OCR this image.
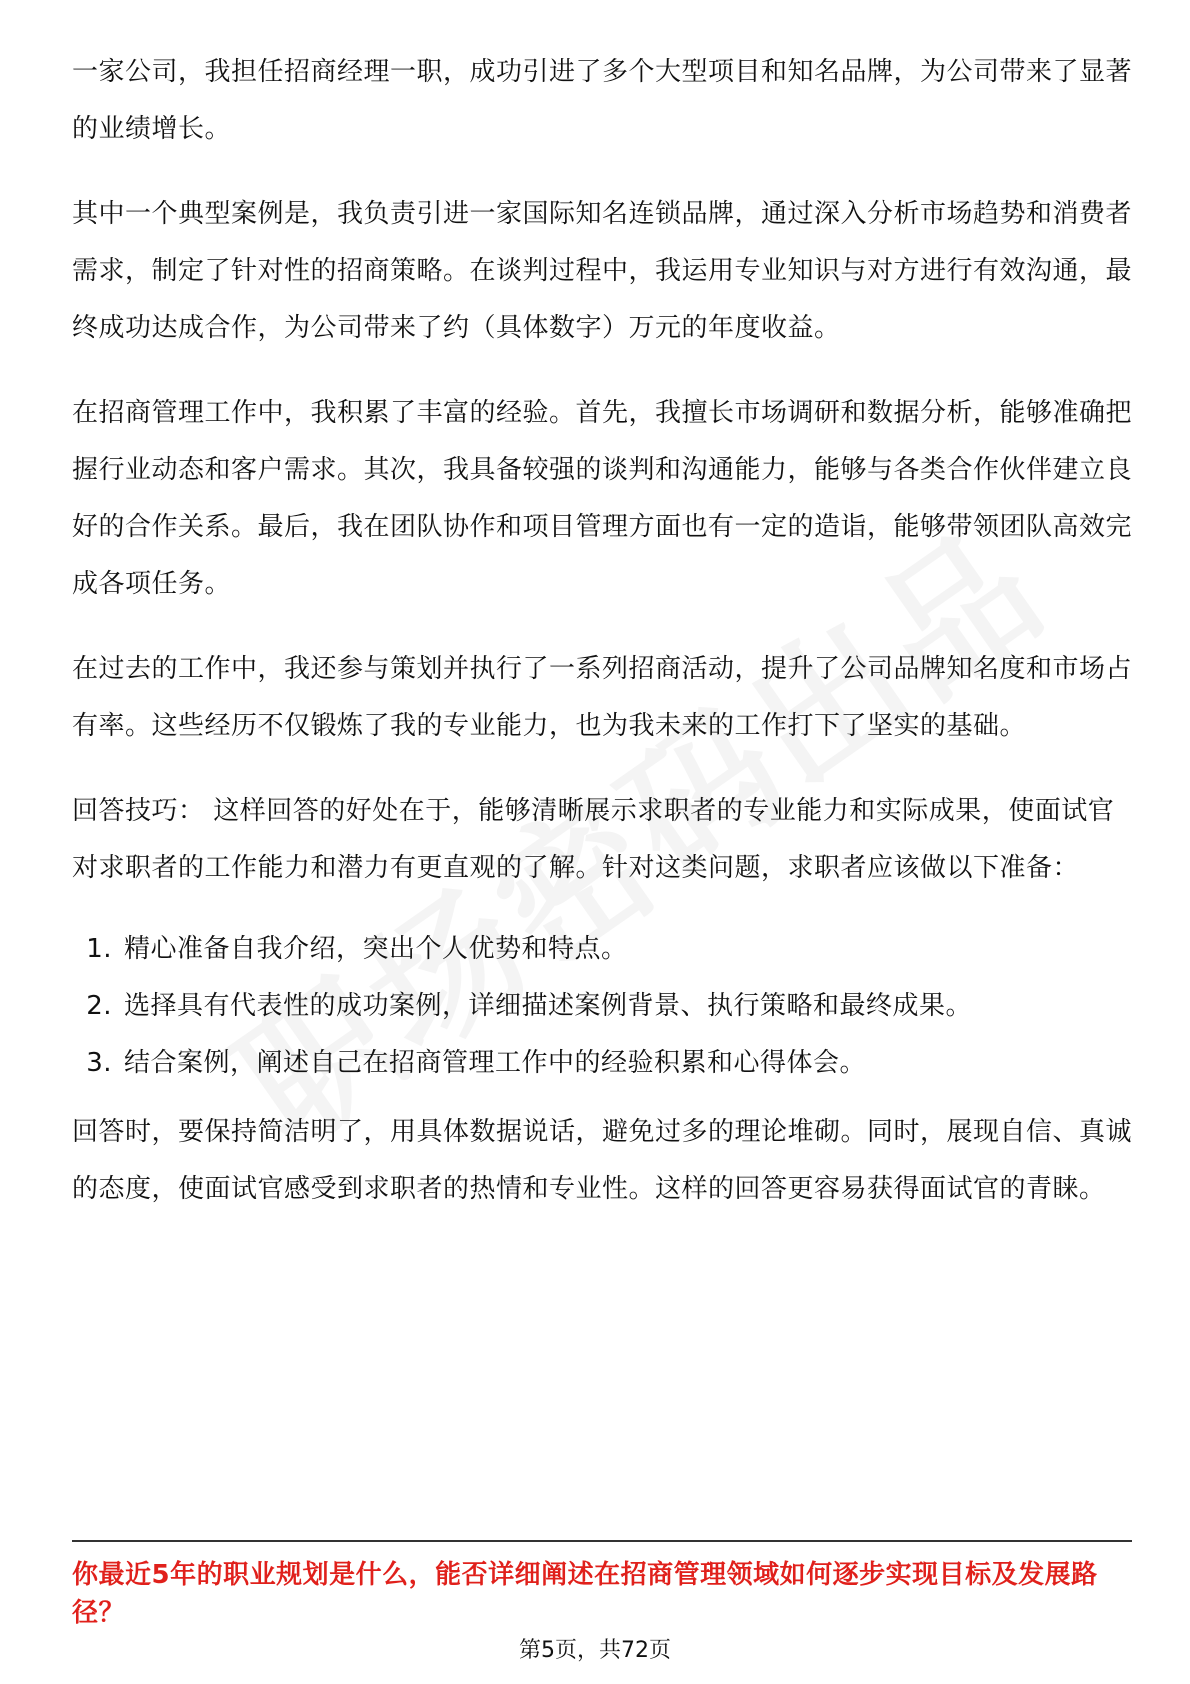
一家公司，我担任招商经理一职，成功引进了多个大型项目和知名品牌，为公司带来了显著的业绩增长。

其中一个典型案例是，我负责引进一家国际知名连锁品牌，通过深入分析市场趋势和消费者需求，制定了针对性的招商策略。在谈判过程中，我运用专业知识与对方进行有效沟通，最终成功达成合作，为公司带来了约（具体数字）万元的年度收益。

在招商管理工作中，我积累了丰富的经验。首先，我擅长市场调研和数据分析，能够准确把握行业动态和客户需求。其次，我具备较强的谈判和沟通能力，能够与各类合作伙伴建立良好的合作关系。最后，我在团队协作和项目管理方面也有一定的造诣，能够带领团队高效完成各项任务。

在过去的工作中，我还参与策划并执行了一系列招商活动，提升了公司品牌知名度和市场占有率。这些经历不仅锻炼了我的专业能力，也为我未来的工作打下了坚实的基础。

回答技巧： 这样回答的好处在于，能够清晰展示求职者的专业能力和实际成果，使面试官对求职者的工作能力和潜力有更直观的了解。针对这类问题，求职者应该做以下准备：

1. 精心准备自我介绍，突出个人优势和特点。
2. 选择具有代表性的成功案例，详细描述案例背景、执行策略和最终成果。
3. 结合案例，阐述自己在招商管理工作中的经验积累和心得体会。

回答时，要保持简洁明了，用具体数据说话，避免过多的理论堆砌。同时，展现自信、真诚的态度，使面试官感受到求职者的热情和专业性。这样的回答更容易获得面试官的青睐。

你最近5年的职业规划是什么，能否详细阐述在招商管理领域如何逐步实现目标及发展路径？
第5页，共72页
